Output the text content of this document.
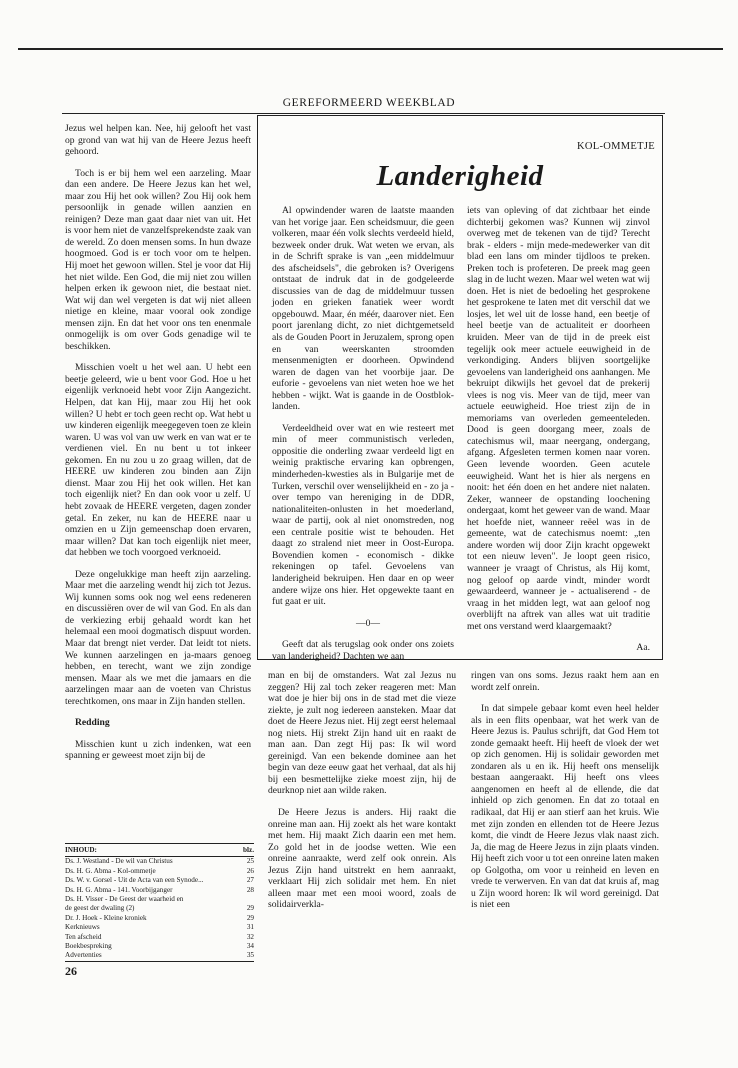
GEREFORMEERD WEEKBLAD

Jezus wel helpen kan. Nee, hij gelooft het vast op grond van wat hij van de Heere Jezus heeft gehoord.

Toch is er bij hem wel een aarzeling. Maar dan een andere. De Heere Jezus kan het wel, maar zou Hij het ook willen? Zou Hij ook hem persoonlijk in genade willen aanzien en reinigen? Deze man gaat daar niet van uit. Het is voor hem niet de vanzelfsprekendste zaak van de wereld. Zo doen mensen soms. In hun dwaze hoogmoed. God is er toch voor om te helpen. Hij moet het gewoon willen. Stel je voor dat Hij het niet wilde. Een God, die mij niet zou willen helpen erken ik gewoon niet, die bestaat niet. Wat wij dan wel vergeten is dat wij niet alleen nietige en kleine, maar vooral ook zondige mensen zijn. En dat het voor ons ten enenmale onmogelijk is om over Gods genadige wil te beschikken.

Misschien voelt u het wel aan. U hebt een beetje geleerd, wie u bent voor God. Hoe u het eigenlijk verknoeid hebt voor Zijn Aangezicht. Helpen, dat kan Hij, maar zou Hij het ook willen? U hebt er toch geen recht op. Wat hebt u uw kinderen eigenlijk meegegeven toen ze klein waren. U was vol van uw werk en van wat er te verdienen viel. En nu bent u tot inkeer gekomen. En nu zou u zo graag willen, dat de HEERE uw kinderen zou binden aan Zijn dienst. Maar zou Hij het ook willen. Het kan toch eigenlijk niet? En dan ook voor u zelf. U hebt zovaak de HEERE vergeten, dagen zonder getal. En zeker, nu kan de HEERE naar u omzien en u Zijn gemeenschap doen ervaren, maar willen? Dat kan toch eigenlijk niet meer, dat hebben we toch voorgoed verknoeid.

Deze ongelukkige man heeft zijn aarzeling. Maar met die aarzeling wendt hij zich tot Jezus. Wij kunnen soms ook nog wel eens redeneren en discussiëren over de wil van God. En als dan de verkiezing erbij gehaald wordt kan het helemaal een mooi dogmatisch dispuut worden. Maar dat brengt niet verder. Dat leidt tot niets. We kunnen aarzelingen en ja-maars genoeg hebben, en terecht, want we zijn zondige mensen. Maar als we met die jamaars en die aarzelingen maar aan de voeten van Christus terechtkomen, ons maar in Zijn handen stellen.

Redding

Misschien kunt u zich indenken, wat een spanning er geweest moet zijn bij de

INHOUD:	blz.
Ds. J. Westland - De wil van Christus	25
Ds. H. G. Abma - Kol-ommetje	26
Ds. W. v. Gorsel - Uit de Acta van een Synode...	27
Ds. H. G. Abma - 141. Voorbijganger	28
Ds. H. Visser - De Geest der waarheid en
de geest der dwaling (2)	29
Dr. J. Hoek - Kleine kroniek	29
Kerknieuws	31
Ten afscheid	32
Boekbespreking	34
Advertenties	35
26
KOL-OMMETJE
Landerigheid

Al opwindender waren de laatste maanden van het vorige jaar. Een scheidsmuur, die geen volkeren, maar één volk slechts verdeeld hield, bezweek onder druk. Wat weten we ervan, als in de Schrift sprake is van „een middelmuur des afscheidsels", die gebroken is? Overigens ontstaat de indruk dat in de godgeleerde discussies van de dag de middelmuur tussen joden en grieken fanatiek weer wordt opgebouwd. Maar, én méér, daarover niet. Een poort jarenlang dicht, zo niet dichtgemetseld als de Gouden Poort in Jeruzalem, sprong open en van weerskanten stroomden mensenmenigten er doorheen. Opwindend waren de dagen van het voorbije jaar. De euforie - gevoelens van niet weten hoe we het hebben - wijkt. Wat is gaande in de Oostblok-landen.

Verdeeldheid over wat en wie resteert met min of meer communistisch verleden, oppositie die onderling zwaar verdeeld ligt en weinig praktische ervaring kan opbrengen, minderheden-kwesties als in Bulgarije met de Turken, verschil over wenselijkheid en - zo ja - over tempo van hereniging in de DDR, nationaliteiten-onlusten in het moederland, waar de partij, ook al niet onomstreden, nog een centrale positie wist te behouden. Het daagt zo stralend niet meer in Oost-Europa. Bovendien komen - economisch - dikke rekeningen op tafel. Gevoelens van landerigheid bekruipen. Hen daar en op weer andere wijze ons hier. Het opgewekte taant en fut gaat er uit.

—0—

Geeft dat als terugslag ook onder ons zoiets van landerigheid? Dachten we aan

iets van opleving of dat zichtbaar het einde dichterbij gekomen was? Kunnen wij zinvol overweg met de tekenen van de tijd? Terecht brak - elders - mijn mede-medewerker van dit blad een lans om minder tijdloos te preken. Preken toch is profeteren. De preek mag geen slag in de lucht wezen. Maar wel weten wat wij doen. Het is niet de bedoeling het gesprokene het gesprokene te laten met dit verschil dat we losjes, let wel uit de losse hand, een beetje of heel beetje van de actualiteit er doorheen kruiden. Meer van de tijd in de preek eist tegelijk ook meer actuele eeuwigheid in de verkondiging. Anders blijven soortgelijke gevoelens van landerigheid ons aanhangen. Me bekruipt dikwijls het gevoel dat de prekerij vlees is nog vis. Meer van de tijd, meer van actuele eeuwigheid. Hoe triest zijn de in memoriams van overleden gemeenteleden. Dood is geen doorgang meer, zoals de catechismus wil, maar neergang, ondergang, afgang. Afgesleten termen komen naar voren. Geen levende woorden. Geen acutele eeuwigheid. Want het is hier als nergens en nooit: het één doen en het andere niet nalaten. Zeker, wanneer de opstanding loochening ondergaat, komt het geweer van de wand. Maar het hoefde niet, wanneer reëel was in de gemeente, wat de catechismus noemt: „ten andere worden wij door Zijn kracht opgewekt tot een nieuw leven". Je loopt geen risico, wanneer je vraagt of Christus, als Hij komt, nog geloof op aarde vindt, minder wordt gewaardeerd, wanneer je - actualiserend - de vraag in het midden legt, wat aan geloof nog overblijft na aftrek van alles wat uit traditie met ons verstand werd klaargemaakt?

Aa.

man en bij de omstanders. Wat zal Jezus nu zeggen? Hij zal toch zeker reageren met: Man wat doe je hier bij ons in de stad met die vieze ziekte, je zult nog iedereen aansteken. Maar dat doet de Heere Jezus niet. Hij zegt eerst helemaal nog niets. Hij strekt Zijn hand uit en raakt de man aan. Dan zegt Hij pas: Ik wil word gereinigd. Van een bekende dominee aan het begin van deze eeuw gaat het verhaal, dat als hij bij een besmettelijke zieke moest zijn, hij de deurknop niet aan wilde raken.

De Heere Jezus is anders. Hij raakt die onreine man aan. Hij zoekt als het ware kontakt met hem. Hij maakt Zich daarin een met hem. Zo gold het in de joodse wetten. Wie een onreine aanraakte, werd zelf ook onrein. Als Jezus Zijn hand uitstrekt en hem aanraakt, verklaart Hij zich solidair met hem. En niet alleen maar met een mooi woord, zoals de solidairverkla-

ringen van ons soms. Jezus raakt hem aan en wordt zelf onrein.

In dat simpele gebaar komt even heel helder als in een flits openbaar, wat het werk van de Heere Jezus is. Paulus schrijft, dat God Hem tot zonde gemaakt heeft. Hij heeft de vloek der wet op zich genomen. Hij is solidair geworden met zondaren als u en ik. Hij heeft ons menselijk bestaan aangeraakt. Hij heeft ons vlees aangenomen en heeft al de ellende, die dat inhield op zich genomen. En dat zo totaal en radikaal, dat Hij er aan stierf aan het kruis. Wie met zijn zonden en ellenden tot de Heere Jezus komt, die vindt de Heere Jezus vlak naast zich. Ja, die mag de Heere Jezus in zijn plaats vinden. Hij heeft zich voor u tot een onreine laten maken op Golgotha, om voor u reinheid en leven en vrede te verwerven. En van dat dat kruis af, mag u Zijn woord horen: Ik wil word gereinigd. Dat is niet een
